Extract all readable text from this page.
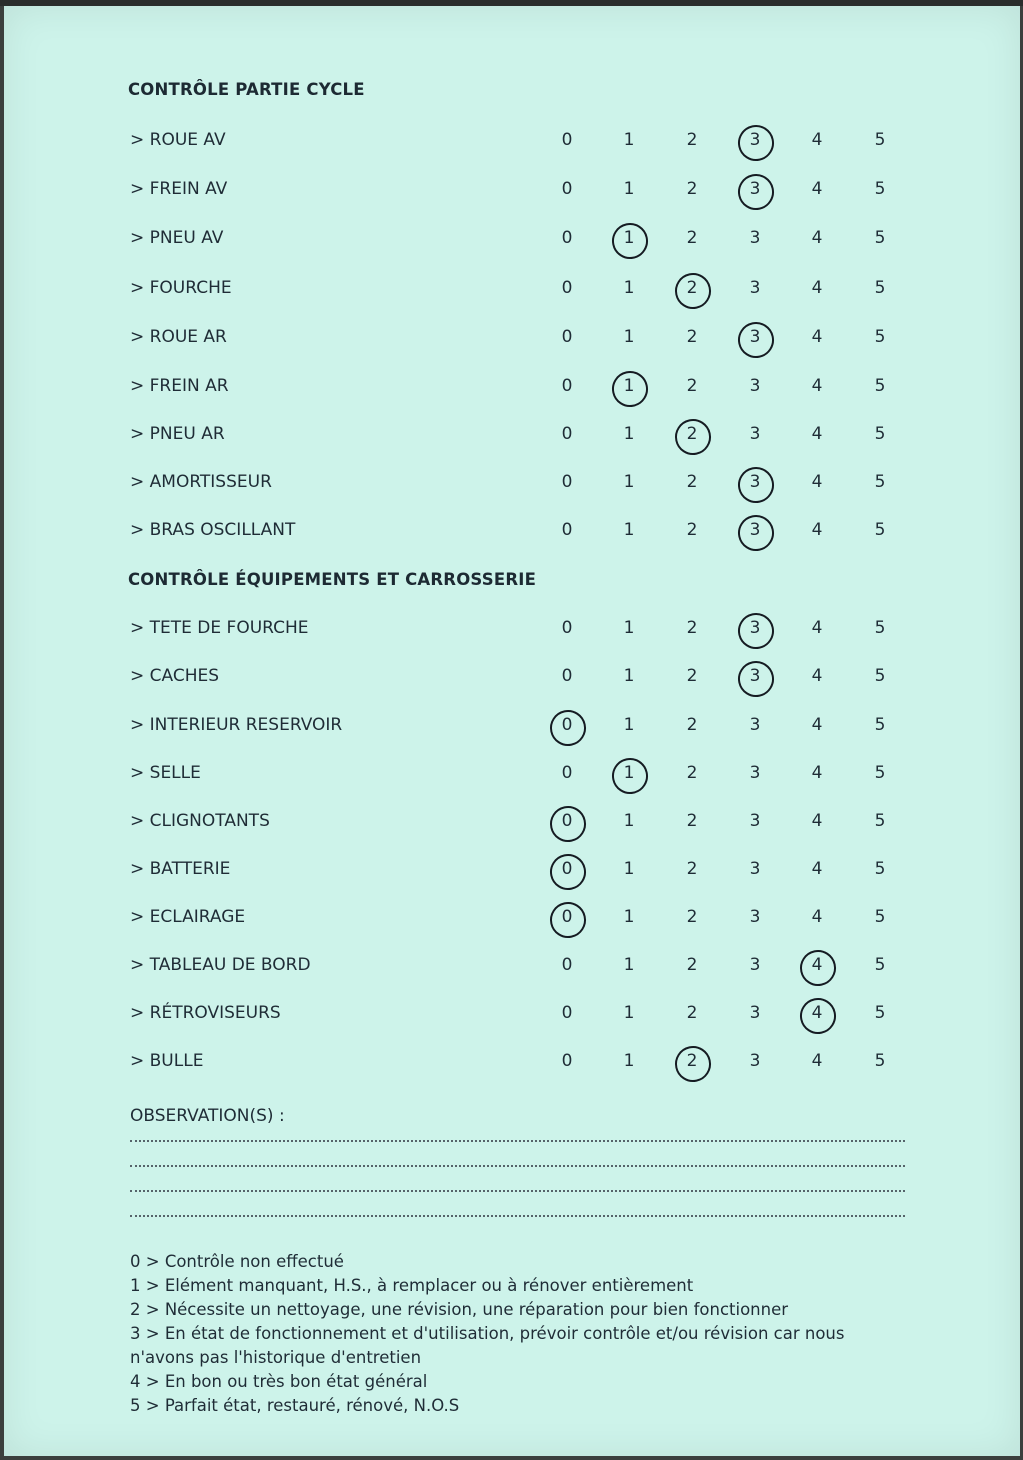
CONTRÔLE PARTIE CYCLE
> ROUE AV	0	1	2	3	4	5
> FREIN AV	0	1	2	3	4	5
> PNEU AV	0	1	2	3	4	5
> FOURCHE	0	1	2	3	4	5
> ROUE AR	0	1	2	3	4	5
> FREIN AR	0	1	2	3	4	5
> PNEU AR	0	1	2	3	4	5
> AMORTISSEUR	0	1	2	3	4	5
> BRAS OSCILLANT	0	1	2	3	4	5
CONTRÔLE ÉQUIPEMENTS ET CARROSSERIE
> TETE DE FOURCHE	0	1	2	3	4	5
> CACHES	0	1	2	3	4	5
> INTERIEUR RESERVOIR	0	1	2	3	4	5
> SELLE	0	1	2	3	4	5
> CLIGNOTANTS	0	1	2	3	4	5
> BATTERIE	0	1	2	3	4	5
> ECLAIRAGE	0	1	2	3	4	5
> TABLEAU DE BORD	0	1	2	3	4	5
> RÉTROVISEURS	0	1	2	3	4	5
> BULLE	0	1	2	3	4	5
OBSERVATION(S) :
0 > Contrôle non effectué
1 > Elément manquant, H.S., à remplacer ou à rénover entièrement
2 > Nécessite un nettoyage, une révision, une réparation pour bien fonctionner
3 > En état de fonctionnement et d'utilisation, prévoir contrôle et/ou révision car nous n'avons pas l'historique d'entretien
4 > En bon ou très bon état général
5 > Parfait état, restauré, rénové, N.O.S
